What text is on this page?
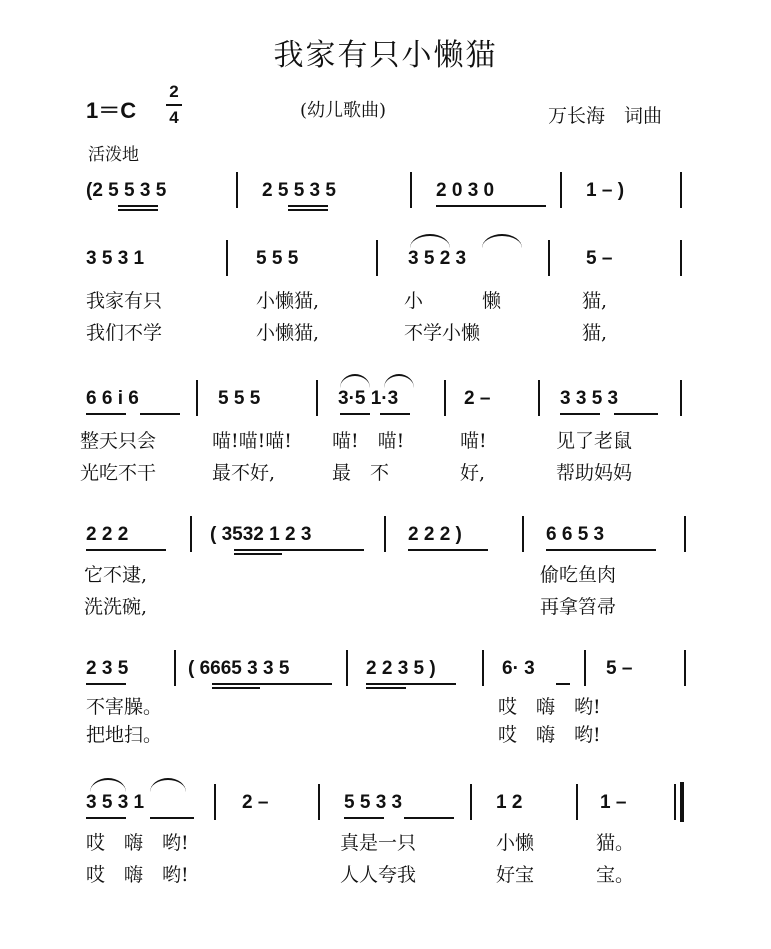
我家有只小懒猫
1＝C
2
4	(幼儿歌曲)	万长海　词曲
活泼地
(2 5 5 3 5	2 5 5 3 5	2 0 3 0	1 – )
3 5 3 1	5 5 5	3 5 2 3	5 –
我家有只	小懒猫,	小	懒	猫,
我们不学	小懒猫,	不学小懒	猫,
6 6 i 6	5 5 5	3·5 1·3	2 –	3 3 5 3
整天只会	喵!喵!喵! 喵!　喵!	喵!	见了老鼠
光吃不干	最不好,	最　不	好,	帮助妈妈
2 2 2	( 3532 1 2 3	2 2 2 )	6 6 5 3
它不逮,	偷吃鱼肉
洗洗碗,	再拿笤帚
2 3 5	( 6665 3 3 5	2 2 3 5 )	6· 3	5 –
不害臊。	哎　嗨　哟!
把地扫。	哎　嗨　哟!
3 5 3 1	2 –	5 5 3 3	1 2	1 –
哎　嗨　哟!	真是一只	小懒	猫。
哎　嗨　哟!	人人夸我	好宝	宝。
